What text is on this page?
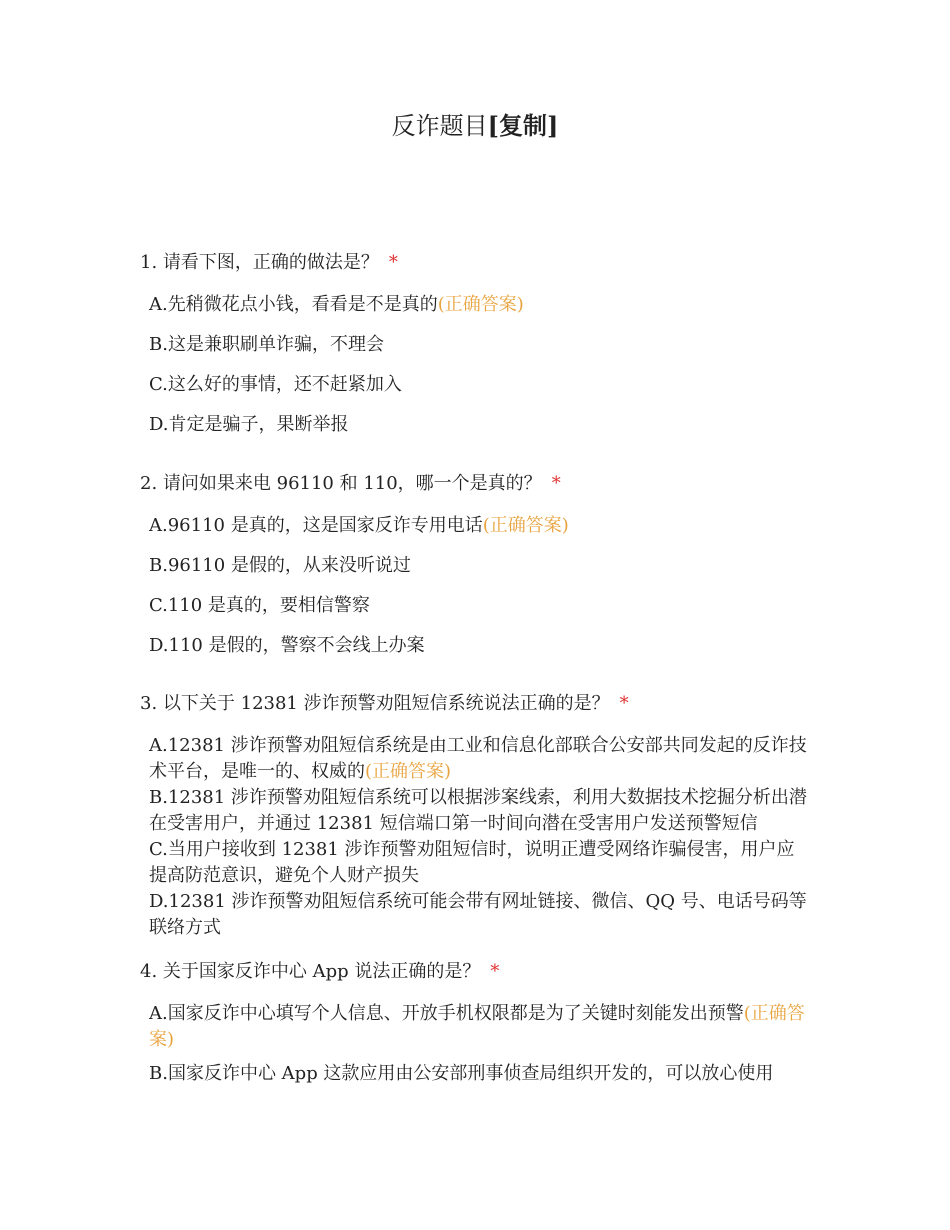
反诈题目[复制]
1. 请看下图，正确的做法是？ *
A.先稍微花点小钱，看看是不是真的(正确答案)
B.这是兼职刷单诈骗，不理会
C.这么好的事情，还不赶紧加入
D.肯定是骗子，果断举报
2. 请问如果来电 96110 和 110，哪一个是真的？ *
A.96110 是真的，这是国家反诈专用电话(正确答案)
B.96110 是假的，从来没听说过
C.110 是真的，要相信警察
D.110 是假的，警察不会线上办案
3. 以下关于 12381 涉诈预警劝阻短信系统说法正确的是？ *
A.12381 涉诈预警劝阻短信系统是由工业和信息化部联合公安部共同发起的反诈技术平台，是唯一的、权威的(正确答案)
B.12381 涉诈预警劝阻短信系统可以根据涉案线索，利用大数据技术挖掘分析出潜在受害用户，并通过 12381 短信端口第一时间向潜在受害用户发送预警短信
C.当用户接收到 12381 涉诈预警劝阻短信时，说明正遭受网络诈骗侵害，用户应提高防范意识，避免个人财产损失
D.12381 涉诈预警劝阻短信系统可能会带有网址链接、微信、QQ 号、电话号码等联络方式
4. 关于国家反诈中心 App 说法正确的是？ *
A.国家反诈中心填写个人信息、开放手机权限都是为了关键时刻能发出预警(正确答案)
B.国家反诈中心 App 这款应用由公安部刑事侦查局组织开发的，可以放心使用
